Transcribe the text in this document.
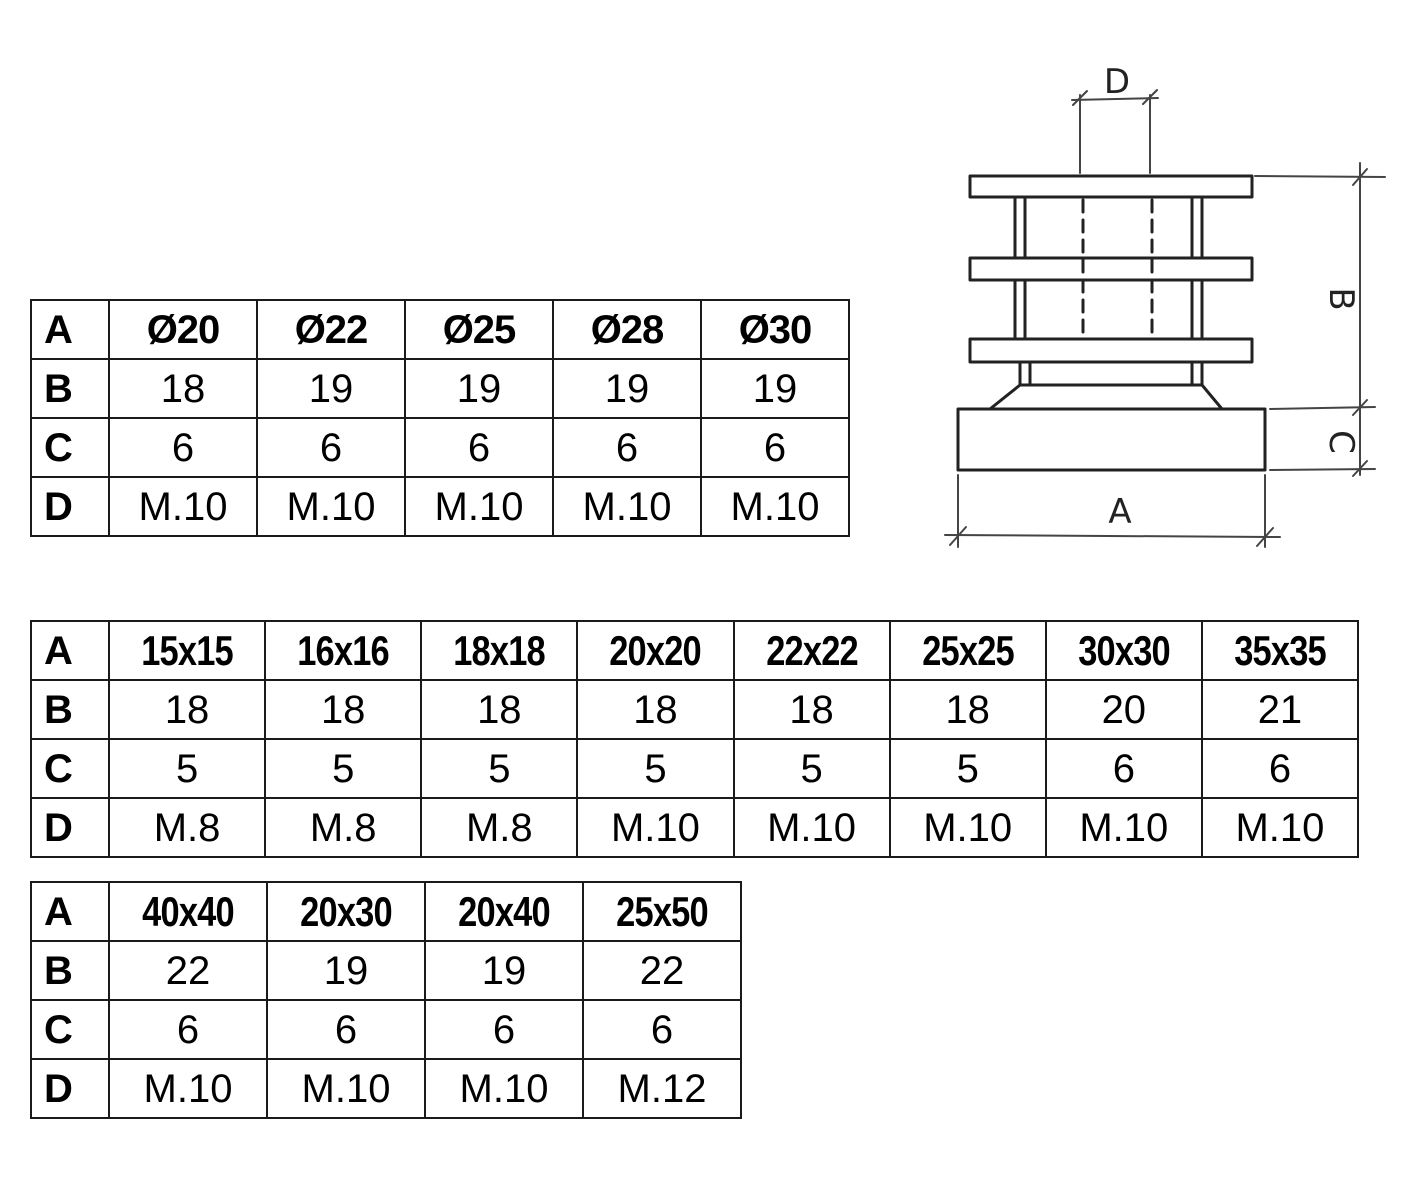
A	Ø20	Ø22	Ø25	Ø28	Ø30
B	18	19	19	19	19
C	6	6	6	6	6
D	M.10	M.10	M.10	M.10	M.10
A	15x15	16x16	18x18	20x20	22x22	25x25	30x30	35x35
B	18	18	18	18	18	18	20	21
C	5	5	5	5	5	5	6	6
D	M.8	M.8	M.8	M.10	M.10	M.10	M.10	M.10
A	40x40	20x30	20x40	25x50
B	22	19	19	22
C	6	6	6	6
D	M.10	M.10	M.10	M.12
D
B
C
A
